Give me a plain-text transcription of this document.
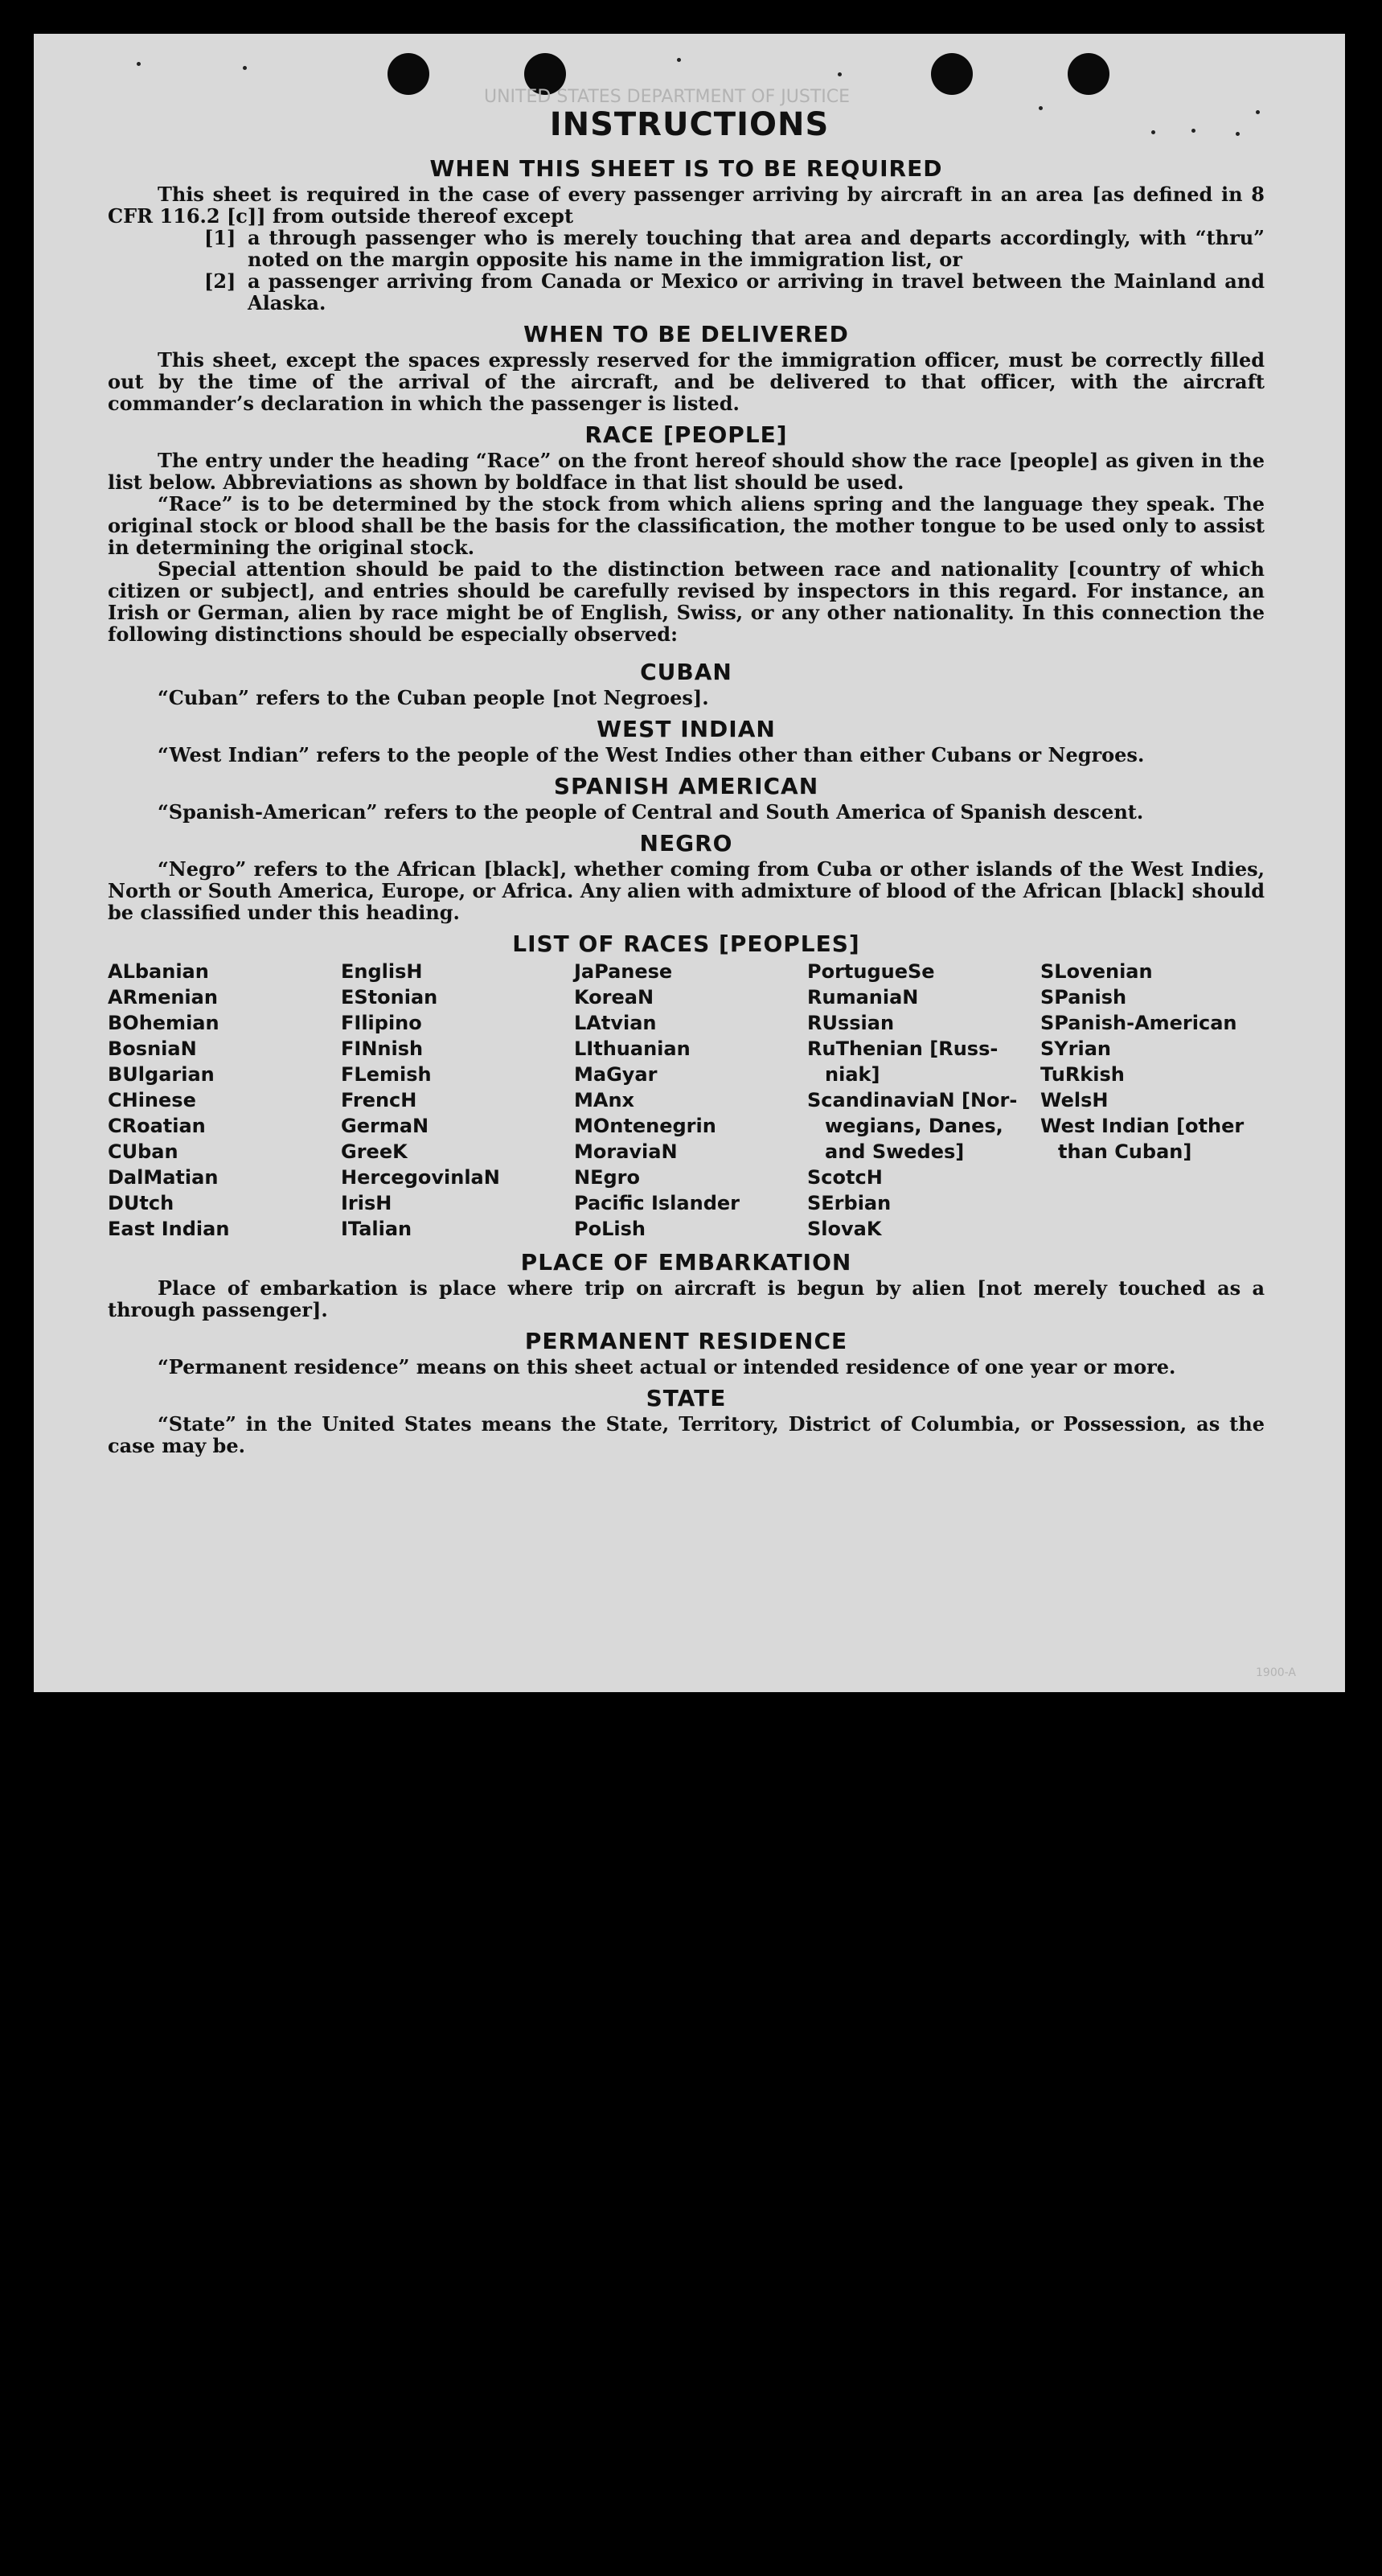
UNITED STATES DEPARTMENT OF JUSTICE
1900-A
INSTRUCTIONS
WHEN THIS SHEET IS TO BE REQUIRED

This sheet is required in the case of every passenger arriving by aircraft in an area [as defined in 8 CFR 116.2 [c]] from outside thereof except

[1] a through passenger who is merely touching that area and departs accordingly, with “thru” noted on the margin opposite his name in the immigration list, or
[2] a passenger arriving from Canada or Mexico or arriving in travel between the Mainland and Alaska.
WHEN TO BE DELIVERED

This sheet, except the spaces expressly reserved for the immigration officer, must be correctly filled out by the time of the arrival of the aircraft, and be delivered to that officer, with the aircraft commander’s declaration in which the passenger is listed.

RACE [PEOPLE]

The entry under the heading “Race” on the front hereof should show the race [people] as given in the list below. Abbreviations as shown by boldface in that list should be used.

“Race” is to be determined by the stock from which aliens spring and the language they speak. The original stock or blood shall be the basis for the classification, the mother tongue to be used only to assist in determining the original stock.

Special attention should be paid to the distinction between race and nationality [country of which citizen or subject], and entries should be carefully revised by inspectors in this regard. For instance, an Irish or German, alien by race might be of English, Swiss, or any other nationality. In this connection the following distinctions should be especially observed:

CUBAN

“Cuban” refers to the Cuban people [not Negroes].

WEST INDIAN

“West Indian” refers to the people of the West Indies other than either Cubans or Negroes.

SPANISH AMERICAN

“Spanish-American” refers to the people of Central and South America of Spanish descent.

NEGRO

“Negro” refers to the African [black], whether coming from Cuba or other islands of the West Indies, North or South America, Europe, or Africa. Any alien with admixture of blood of the African [black] should be classified under this heading.

LIST OF RACES [PEOPLES]
ALbanian
ARmenian
BOhemian
BosniaN
BUlgarian
CHinese
CRoatian
CUban
DalMatian
DUtch
East Indian
EnglisH
EStonian
FIlipino
FINnish
FLemish
FrencH
GermaN
GreeK
HercegovinlaN
IrisH
ITalian
JaPanese
KoreaN
LAtvian
LIthuanian
MaGyar
MAnx
MOntenegrin
MoraviaN
NEgro
Pacific Islander
PoLish
PortugueSe
RumaniaN
RUssian
RuThenian [Russ-
niak]
ScandinaviaN [Nor-
wegians, Danes,
and Swedes]
ScotcH
SErbian
SlovaK
SLovenian
SPanish
SPanish-American
SYrian
TuRkish
WelsH
West Indian [other
than Cuban]
PLACE OF EMBARKATION

Place of embarkation is place where trip on aircraft is begun by alien [not merely touched as a through passenger].

PERMANENT RESIDENCE

“Permanent residence” means on this sheet actual or intended residence of one year or more.

STATE

“State” in the United States means the State, Territory, District of Columbia, or Possession, as the case may be.
